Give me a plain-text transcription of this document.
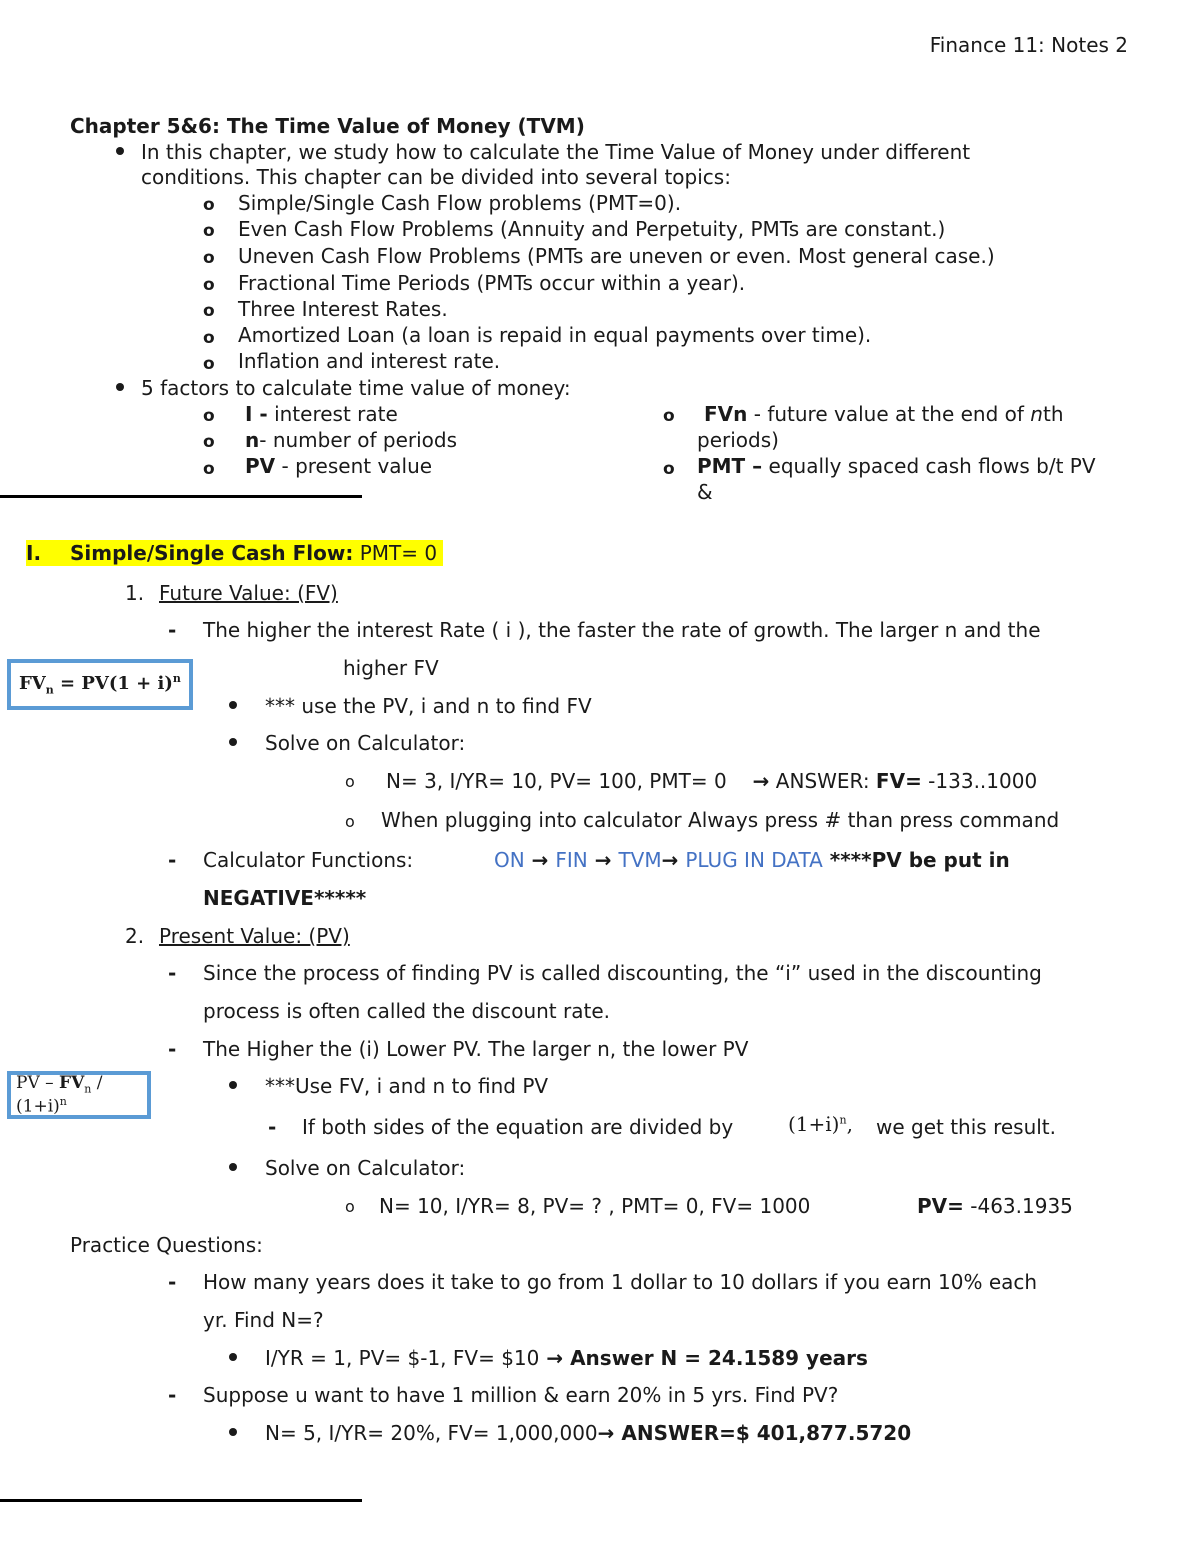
Finance 11: Notes 2
Chapter 5&6: The Time Value of Money (TVM)
In this chapter, we study how to calculate the Time Value of Money under different
conditions. This chapter can be divided into several topics:
o Simple/Single Cash Flow problems (PMT=0).
o Even Cash Flow Problems (Annuity and Perpetuity, PMTs are constant.)
o Uneven Cash Flow Problems (PMTs are uneven or even. Most general case.)
o Fractional Time Periods (PMTs occur within a year).
o Three Interest Rates.
o Amortized Loan (a loan is repaid in equal payments over time).
o Inflation and interest rate.
5 factors to calculate time value of money:
o I - interest rate
o n- number of periods
o PV - present value
o FVn - future value at the end of nth
periods)
o PMT – equally spaced cash flows b/t PV
&
I. Simple/Single Cash Flow: PMT= 0
1. Future Value: (FV)
- The higher the interest Rate ( i ), the faster the rate of growth. The larger n and the
higher FV
$FV_n = PV(1 + i)^n$
*** use the PV, i and n to find FV
Solve on Calculator:
o N= 3, I/YR= 10, PV= 100, PMT= 0 → ANSWER: FV= -133..1000
o When plugging into calculator Always press # than press command
- Calculator Functions:	ON → FIN → TVM→ PLUG IN DATA ****PV be put in
NEGATIVE*****
2. Present Value: (PV)
- Since the process of finding PV is called discounting, the “i” used in the discounting
process is often called the discount rate.
- The Higher the (i) Lower PV. The larger n, the lower PV
PV – $FV_n / (1+i)^n$
***Use FV, i and n to find PV
- If both sides of the equation are divided by	$(1+i)^n$, we get this result.
Solve on Calculator:
o N= 10, I/YR= 8, PV= ? , PMT= 0, FV= 1000	PV= -463.1935
Practice Questions:
- How many years does it take to go from 1 dollar to 10 dollars if you earn 10% each
yr. Find N=?
I/YR = 1, PV= $-1, FV= $10 → Answer N = 24.1589 years
- Suppose u want to have 1 million & earn 20% in 5 yrs. Find PV?
N= 5, I/YR= 20%, FV= 1,000,000→ ANSWER=$ 401,877.5720
